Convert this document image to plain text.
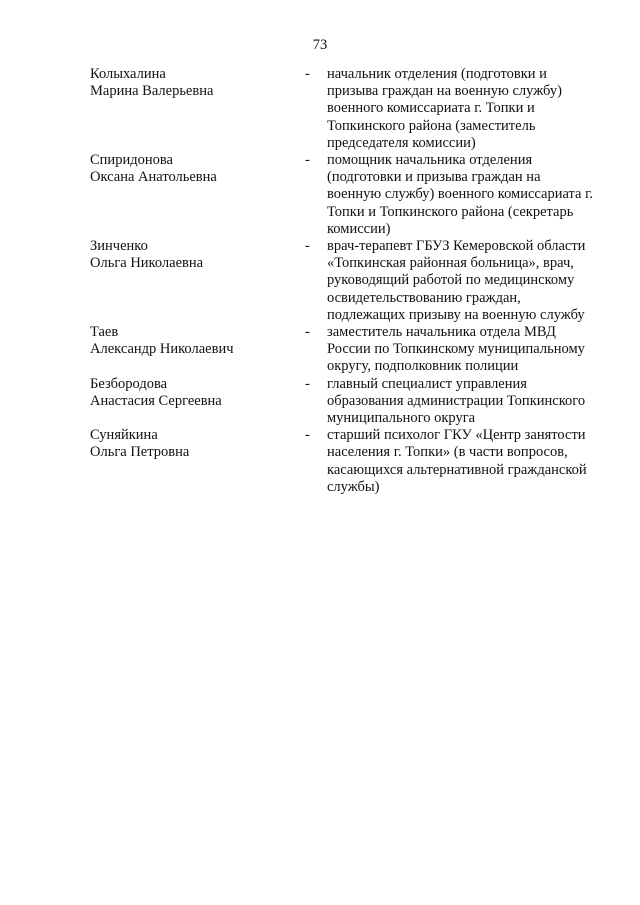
73
Колыхалина
Марина Валерьевна
- начальник отделения (подготовки и призыва граждан на военную службу) военного комиссариата г. Топки и Топкинского района (заместитель председателя комиссии)
Спиридонова
Оксана Анатольевна
- помощник начальника отделения (подготовки и призыва граждан на военную службу) военного комиссариата г. Топки и Топкинского района (секретарь комиссии)
Зинченко
Ольга Николаевна
- врач-терапевт ГБУЗ Кемеровской области «Топкинская районная больница», врач, руководящий работой по медицинскому освидетельствованию граждан, подлежащих призыву на военную службу
Таев
Александр Николаевич
- заместитель начальника отдела МВД России по Топкинскому муниципальному округу, подполковник полиции
Безбородова
Анастасия Сергеевна
- главный специалист управления образования администрации Топкинского муниципального округа
Суняйкина
Ольга Петровна
- старший психолог ГКУ «Центр занятости населения г. Топки» (в части вопросов, касающихся альтернативной гражданской службы)
